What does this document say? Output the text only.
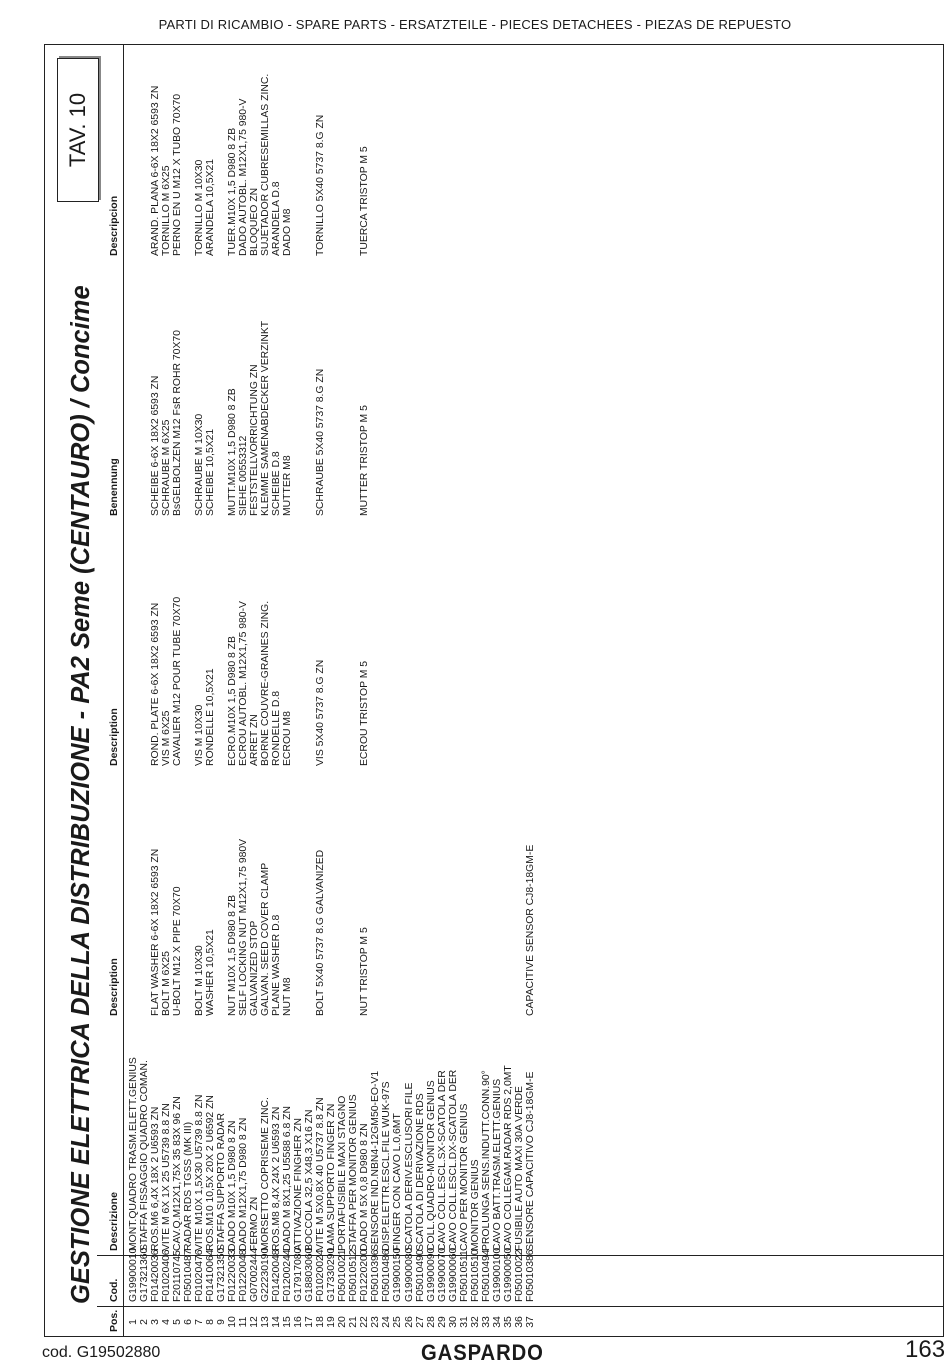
PARTI DI RICAMBIO - SPARE PARTS - ERSATZTEILE - PIECES DETACHEES - PIEZAS DE REPUESTO
GESTIONE ELETTRICA DELLA DISTRIBUZIONE - PA2 Seme (CENTAURO) / Concime
TAV. 10
Pos.
Cod.
Descrizione
Description
Description
Benennung
Descripcion
1
G19900010
MONT.QUADRO TRASM.ELETT.GENIUS
2
G17321360
STAFFA FISSAGGIO QUADRO COMAN.
3
F01420036
ROS.M6 6,4X 18X 2 U6593 ZN
FLAT WASHER 6-6X 18X2 6593 ZN
ROND. PLATE 6-6X 18X2 6593 ZN
SCHEIBE 6-6X 18X2 6593 ZN
ARAND. PLANA 6-6X 18X2 6593 ZN
4
F01020406
VITE M 6X 1X 25 U5739 8.8 ZN
BOLT M 6X25
VIS M 6X25
SCHRAUBE M 6X25
TORNILLO M 6X25
5
F20110745
CAV.Q.M12X1,75X 35 83X 96 ZN
U-BOLT M12 X PIPE 70X70
CAVALIER M12 POUR TUBE 70X70
BsGELBOLZEN M12 FsR ROHR 70X70
PERNO EN U M12 X TUBO 70X70
6
F05010487
RADAR RDS TGSS (MK III)
7
F01020476
VITE M10X 1,5X30 U5739 8.8 ZN
BOLT M 10X30
VIS M 10X30
SCHRAUBE M 10X30
TORNILLO M 10X30
8
F01410064
ROS.M10 10,5X 20X 2 U6592 ZN
WASHER 10,5X21
RONDELLE 10,5X21
SCHEIBE 10,5X21
ARANDELA 10,5X21
9
G17321350
STAFFA SUPPORTO RADAR
10
F01220033
DADO M10X 1,5 D980 8 ZN
NUT M10X 1,5 D980 8 ZB
ECRO.M10X 1,5 D980 8 ZB
MUTT.M10X 1,5 D980 8 ZB
TUER.M10X 1,5 D980 8 ZB
11
F01220048
DADO M12X1,75 D980 8 ZN
SELF LOCKING NUT M12X1,75 980V
ECROU AUTOBL. M12X1,75 980-V
SIEHE 00553312
DADO AUTOBL. M12X1,75 980-V
12
G07002444
FERMO ZN
GALVANIZED STOP
ARRET ZN
FESTSTELLVORRICHTUNG ZN
BLOQUEO ZN
13
G22230190
MORSETTO COPRISEME ZINC.
GALVAN. SEED COVER CLAMP
BORNE COUVRE-GRAINES ZING.
KLEMME SAMENABDECKER VERZINKT
SUJETADOR CUBRESEMILLAS ZINC.
14
F01420048
ROS.M8 8,4X 24X 2 U6593 ZN
PLANE WASHER D.8
RONDELLE D.8
SCHEIBE D.8
ARANDELA D.8
15
F01200244
DADO M 8X1,25 U5588 6.8 ZN
NUT M8
ECROU M8
MUTTER M8
DADO M8
16
G17917080
ATTIVAZIONE FINGHER ZN
17
G18803060
BOCCOLA 32,5 X48,3 X16 ZN
18
F01020024
VITE M 5X0,8X 40 U5737 8.8 ZN
BOLT 5X40 5737 8.G GALVANIZED
VIS 5X40 5737 8.G ZN
SCHRAUBE 5X40 5737 8.G ZN
TORNILLO 5X40 5737 8.G ZN
19
G17330290
LAMA SUPPORTO FINGER ZN
20
F05010021
PORTAFUSIBILE MAXI STAGNO
21
F05010512
STAFFA PER MONITOR GENIUS
22
F01220200
DADO M 5X 0,8 D980 8 ZN
NUT TRISTOP M 5
ECROU TRISTOP M 5
MUTTER TRISTOP M 5
TUERCA TRISTOP M 5
23
F05010396
SENSORE IND.NBN4-12GM50-EO-V1
24
F05010486
DISP.ELETTR.ESCL.FILE WUK-97S
25
G19900150
FINGER CON CAVO L.0,6MT
26
G19900080
SCATOLA DERIV.ESCLUSORI FILE
27
F05010490
SCATOLA DI DERIVAZIONE RDS
28
G19900090
COLL.QUADRO-MONITOR GENIUS
29
G19900070
CAVO COLL.ESCL.SX-SCATOLA DER
30
G19900060
CAVO COLL.ESCL.DX-SCATOLA DER
31
F05010511
CAVO PER MONITOR GENIUS
32
F05010510
MONITOR GENIUS
33
F05010494
PROLUNGA SENS.INDUTT.CONN.90°
34
G19900100
CAVO BATT.TRASM.ELETT.GENIUS
35
G19900050
CAVO COLLEGAM.RADAR RDS 2,0MT
36
F05010022
FUSIBILE AUTO MAXI 30A VERDE
37
F05010386
SENSORE CAPACITIVO CJ8-18GM-E
CAPACITIVE SENSOR CJ8-18GM-E
cod. G19502880	GASPARDO	163
